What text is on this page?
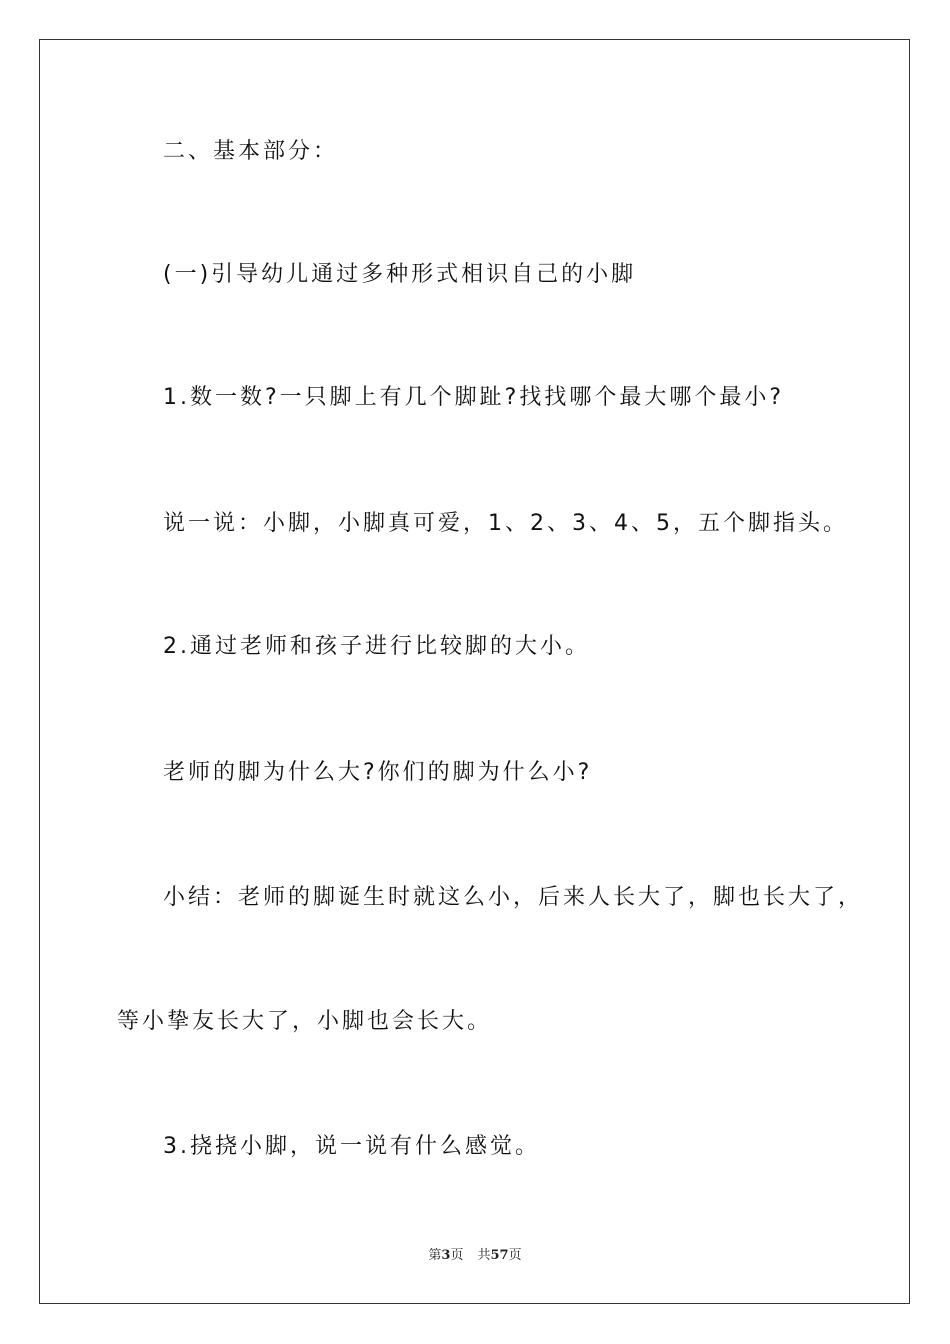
二、基本部分：
(一)引导幼儿通过多种形式相识自己的小脚
1.数一数?一只脚上有几个脚趾?找找哪个最大哪个最小?
说一说：小脚，小脚真可爱，1、2、3、4、5，五个脚指头。
2.通过老师和孩子进行比较脚的大小。
老师的脚为什么大?你们的脚为什么小?
小结：老师的脚诞生时就这么小，后来人长大了，脚也长大了，
等小挚友长大了，小脚也会长大。
3.挠挠小脚，说一说有什么感觉。
第3页 共57页
